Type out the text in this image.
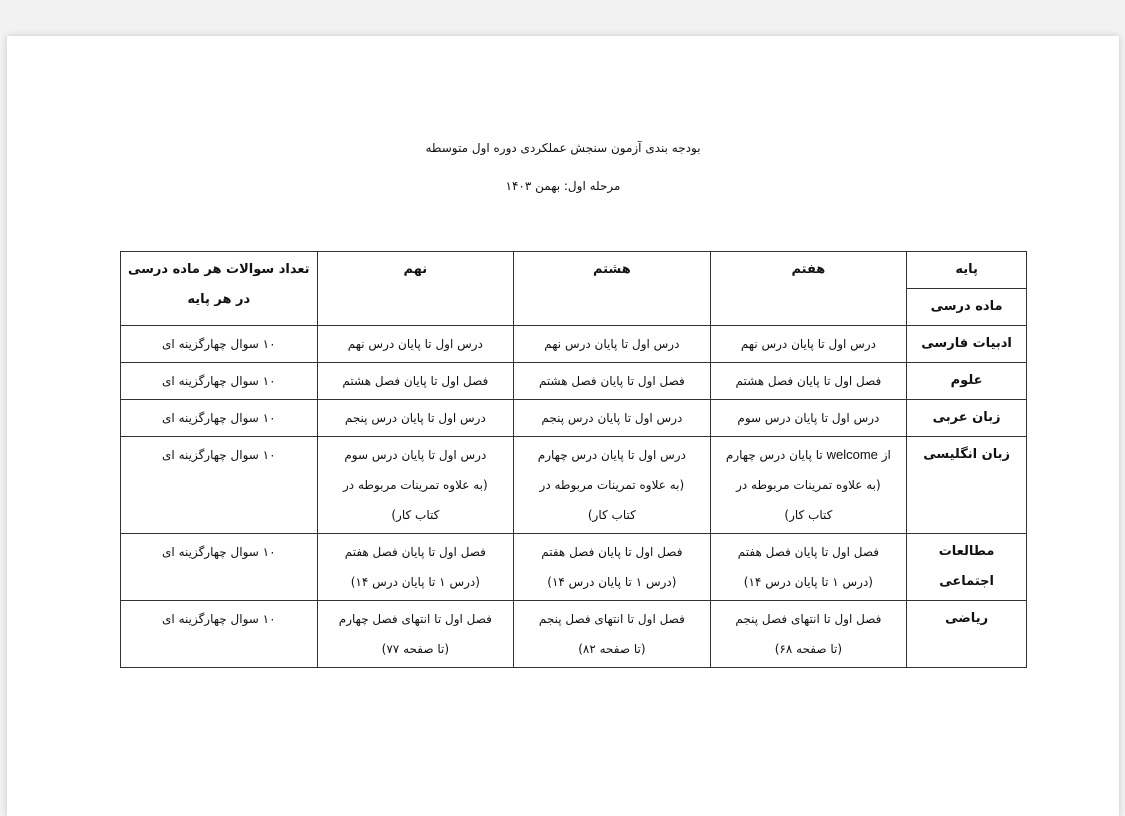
بودجه بندی آزمون سنجش عملکردی دوره اول متوسطه
مرحله اول: بهمن ۱۴۰۳
پایه	هفتم	هشتم	نهم	تعداد سوالات هر ماده درسی
در هر پایه

ماده درسی				
ادبیات فارسی	درس اول تا پایان درس نهم	درس اول تا پایان درس نهم	درس اول تا پایان درس نهم	۱۰ سوال چهارگزینه ای
علوم	فصل اول تا پایان فصل هشتم	فصل اول تا پایان فصل هشتم	فصل اول تا پایان فصل هشتم	۱۰ سوال چهارگزینه ای
زبان عربی	درس اول تا پایان درس سوم	درس اول تا پایان درس پنجم	درس اول تا پایان درس پنجم	۱۰ سوال چهارگزینه ای
زبان انگلیسی	از welcome تا پایان درس چهارم
(به علاوه تمرینات مربوطه در
کتاب کار)	درس اول تا پایان درس چهارم
(به علاوه تمرینات مربوطه در
کتاب کار)	درس اول تا پایان درس سوم
(به علاوه تمرینات مربوطه در
کتاب کار)	۱۰ سوال چهارگزینه ای
مطالعات اجتماعی	فصل اول تا پایان فصل هفتم
(درس ۱ تا پایان درس ۱۴)	فصل اول تا پایان فصل هفتم
(درس ۱ تا پایان درس ۱۴)	فصل اول تا پایان فصل هفتم
(درس ۱ تا پایان درس ۱۴)	۱۰ سوال چهارگزینه ای
ریاضی	فصل اول تا انتهای فصل پنجم
(تا صفحه ۶۸)	فصل اول تا انتهای فصل پنجم
(تا صفحه ۸۲)	فصل اول تا انتهای فصل چهارم
(تا صفحه ۷۷)	۱۰ سوال چهارگزینه ای
